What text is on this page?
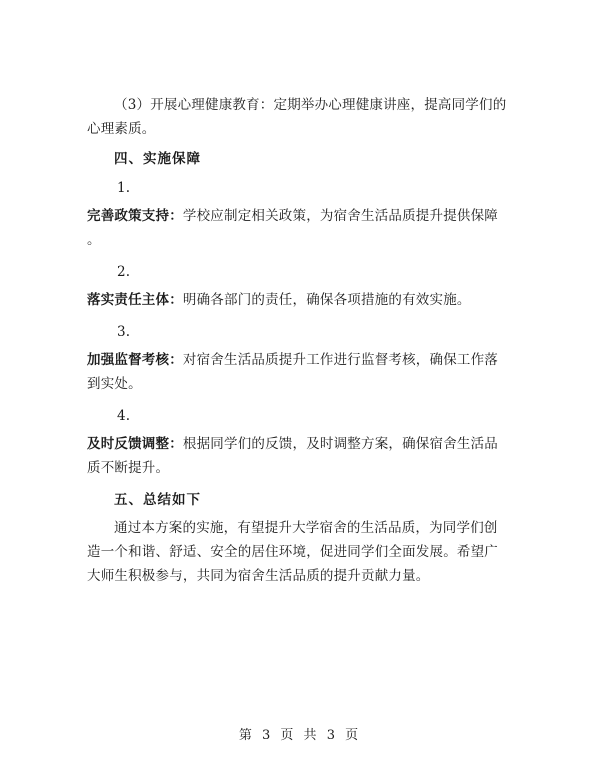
（3）开展心理健康教育：定期举办心理健康讲座，提高同学们的

心理素质。

四、实施保障

1.

完善政策支持：学校应制定相关政策，为宿舍生活品质提升提供保障

。

2.

落实责任主体：明确各部门的责任，确保各项措施的有效实施。

3.

加强监督考核：对宿舍生活品质提升工作进行监督考核，确保工作落

到实处。

4.

及时反馈调整：根据同学们的反馈，及时调整方案，确保宿舍生活品

质不断提升。

五、总结如下

通过本方案的实施，有望提升大学宿舍的生活品质，为同学们创

造一个和谐、舒适、安全的居住环境，促进同学们全面发展。希望广

大师生积极参与，共同为宿舍生活品质的提升贡献力量。

第 3 页 共 3 页
